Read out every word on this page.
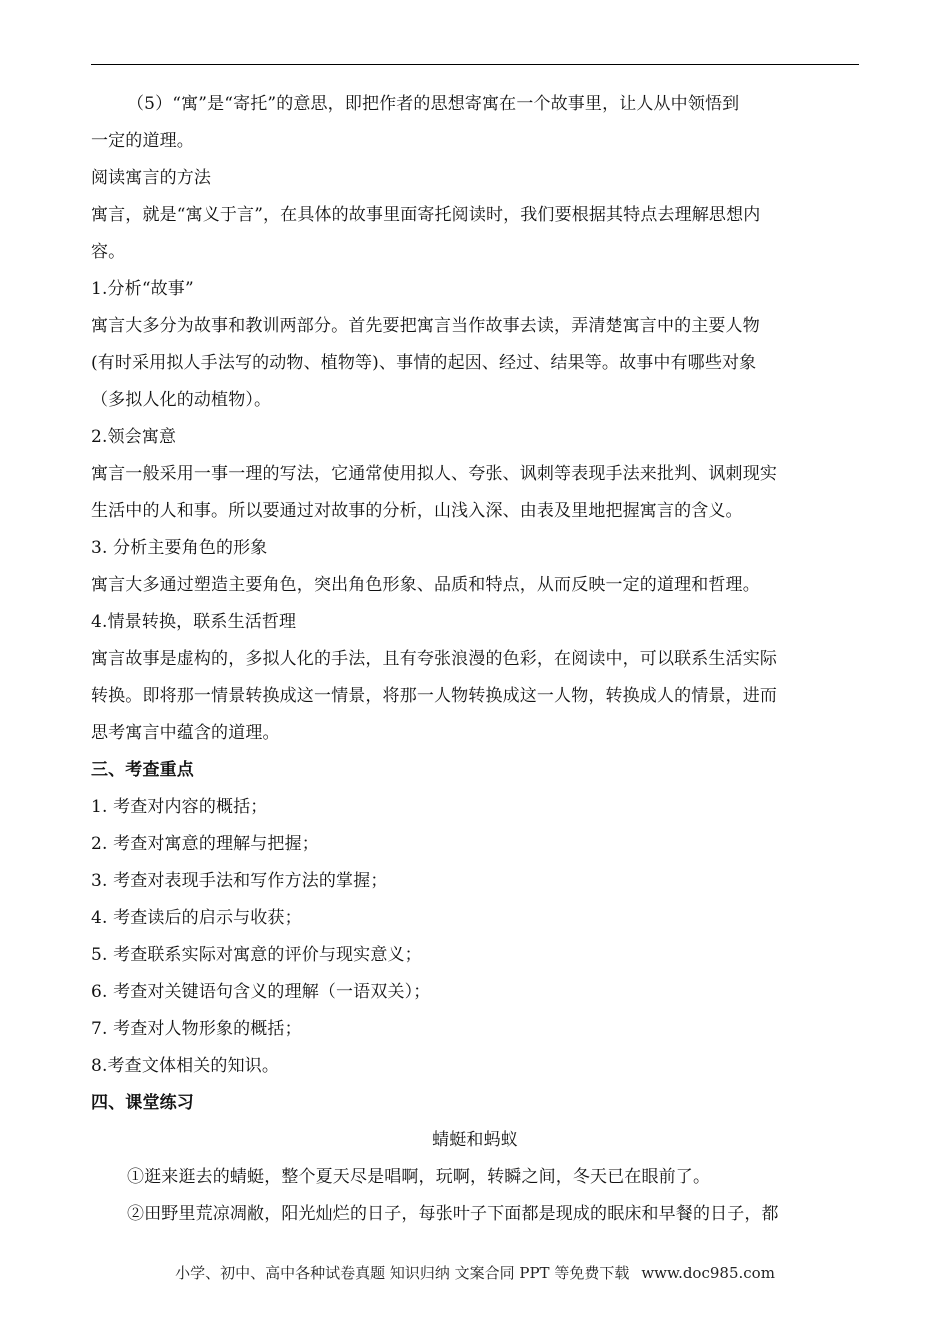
（5）“寓”是“寄托”的意思，即把作者的思想寄寓在一个故事里，让人从中领悟到
一定的道理。
阅读寓言的方法
寓言，就是“寓义于言”，在具体的故事里面寄托阅读时，我们要根据其特点去理解思想内
容。
1.分析“故事”
寓言大多分为故事和教训两部分。首先要把寓言当作故事去读，弄清楚寓言中的主要人物
(有时采用拟人手法写的动物、植物等)、事情的起因、经过、结果等。故事中有哪些对象
（多拟人化的动植物）。
2.领会寓意
寓言一般采用一事一理的写法，它通常使用拟人、夸张、讽刺等表现手法来批判、讽刺现实
生活中的人和事。所以要通过对故事的分析，山浅入深、由表及里地把握寓言的含义。
3. 分析主要角色的形象
寓言大多通过塑造主要角色，突出角色形象、品质和特点，从而反映一定的道理和哲理。
4.情景转换，联系生活哲理
寓言故事是虚构的，多拟人化的手法，且有夸张浪漫的色彩，在阅读中，可以联系生活实际
转换。即将那一情景转换成这一情景，将那一人物转换成这一人物，转换成人的情景，进而
思考寓言中蕴含的道理。
三、考查重点
1. 考查对内容的概括；
2. 考查对寓意的理解与把握；
3. 考查对表现手法和写作方法的掌握；
4. 考查读后的启示与收获；
5. 考查联系实际对寓意的评价与现实意义；
6. 考查对关键语句含义的理解（一语双关）；
7. 考查对人物形象的概括；
8.考查文体相关的知识。
四、课堂练习
蜻蜓和蚂蚁
①逛来逛去的蜻蜓，整个夏天尽是唱啊，玩啊，转瞬之间，冬天已在眼前了。
②田野里荒凉凋敝，阳光灿烂的日子，每张叶子下面都是现成的眠床和早餐的日子，都
小学、初中、高中各种试卷真题 知识归纳 文案合同 PPT 等免费下载 www.doc985.com
